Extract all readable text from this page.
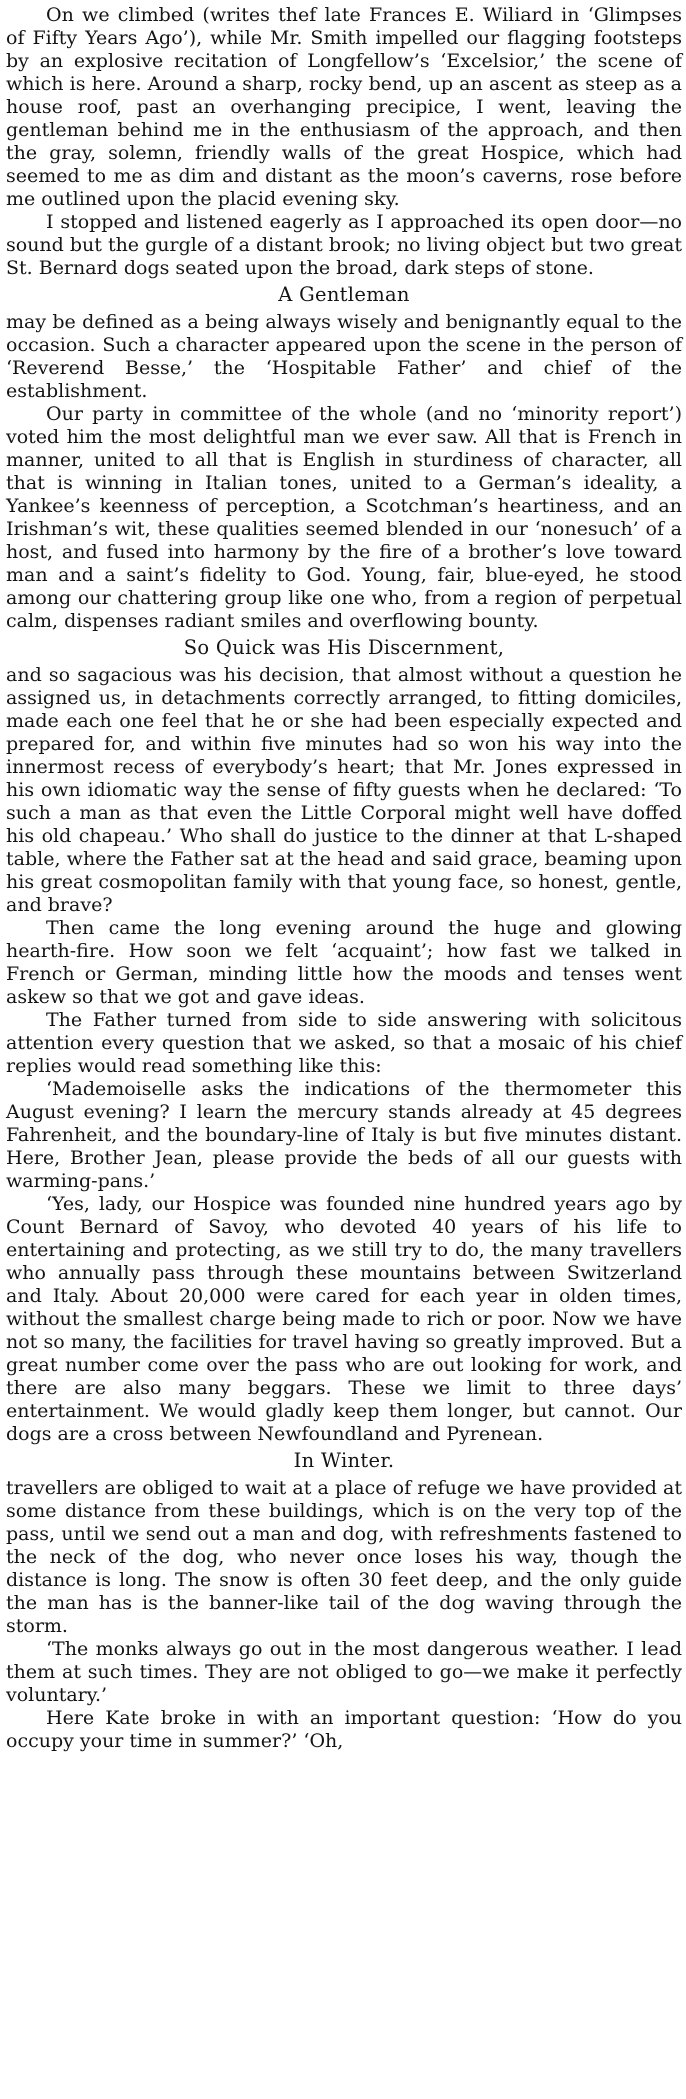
On we climbed (writes thef late Frances E. Wiliard in ‘Glimpses of Fifty Years Ago’), while Mr. Smith impelled our flagging footsteps by an explosive recitation of Longfellow’s ‘Excelsior,’ the scene of which is here. Around a sharp, rocky bend, up an ascent as steep as a house roof, past an overhanging precipice, I went, leaving the gentleman behind me in the enthusiasm of the approach, and then the gray, solemn, friendly walls of the great Hospice, which had seemed to me as dim and distant as the moon’s caverns, rose before me outlined upon the placid evening sky.

I stopped and listened eagerly as I approached its open door—no sound but the gurgle of a distant brook; no living object but two great St. Bernard dogs seated upon the broad, dark steps of stone.

A Gentleman

may be defined as a being always wisely and benignantly equal to the occasion. Such a character appeared upon the scene in the person of ‘Reverend Besse,’ the ‘Hospitable Father’ and chief of the establishment.

Our party in committee of the whole (and no ‘minority report’) voted him the most delightful man we ever saw. All that is French in manner, united to all that is English in sturdiness of character, all that is winning in Italian tones, united to a German’s ideality, a Yankee’s keenness of perception, a Scotchman’s heartiness, and an Irishman’s wit, these qualities seemed blended in our ‘nonesuch’ of a host, and fused into harmony by the fire of a brother’s love toward man and a saint’s fidelity to God. Young, fair, blue-eyed, he stood among our chattering group like one who, from a region of perpetual calm, dispenses radiant smiles and overflowing bounty.

So Quick was His Discernment,

and so sagacious was his decision, that almost without a question he assigned us, in detachments correctly arranged, to fitting domiciles, made each one feel that he or she had been especially expected and prepared for, and within five minutes had so won his way into the innermost recess of everybody’s heart; that Mr. Jones expressed in his own idiomatic way the sense of fifty guests when he declared: ‘To such a man as that even the Little Corporal might well have doffed his old chapeau.’ Who shall do justice to the dinner at that L-shaped table, where the Father sat at the head and said grace, beaming upon his great cosmopolitan family with that young face, so honest, gentle, and brave?

Then came the long evening around the huge and glowing hearth-fire. How soon we felt ‘acquaint’; how fast we talked in French or German, minding little how the moods and tenses went askew so that we got and gave ideas.

The Father turned from side to side answering with solicitous attention every question that we asked, so that a mosaic of his chief replies would read something like this:

‘Mademoiselle asks the indications of the thermometer this August evening? I learn the mercury stands already at 45 degrees Fahrenheit, and the boundary-line of Italy is but five minutes distant. Here, Brother Jean, please provide the beds of all our guests with warming-pans.’

‘Yes, lady, our Hospice was founded nine hundred years ago by Count Bernard of Savoy, who devoted 40 years of his life to entertaining and protecting, as we still try to do, the many travellers who annually pass through these mountains between Switzerland and Italy. About 20,000 were cared for each year in olden times, without the smallest charge being made to rich or poor. Now we have not so many, the facilities for travel having so greatly improved. But a great number come over the pass who are out looking for work, and there are also many beggars. These we limit to three days’ entertainment. We would gladly keep them longer, but cannot. Our dogs are a cross between Newfoundland and Pyrenean.

In Winter.

travellers are obliged to wait at a place of refuge we have provided at some distance from these buildings, which is on the very top of the pass, until we send out a man and dog, with refreshments fastened to the neck of the dog, who never once loses his way, though the distance is long. The snow is often 30 feet deep, and the only guide the man has is the banner-like tail of the dog waving through the storm.

‘The monks always go out in the most dangerous weather. I lead them at such times. They are not obliged to go—we make it perfectly voluntary.’

Here Kate broke in with an important question: ‘How do you occupy your time in summer?’ ‘Oh,
